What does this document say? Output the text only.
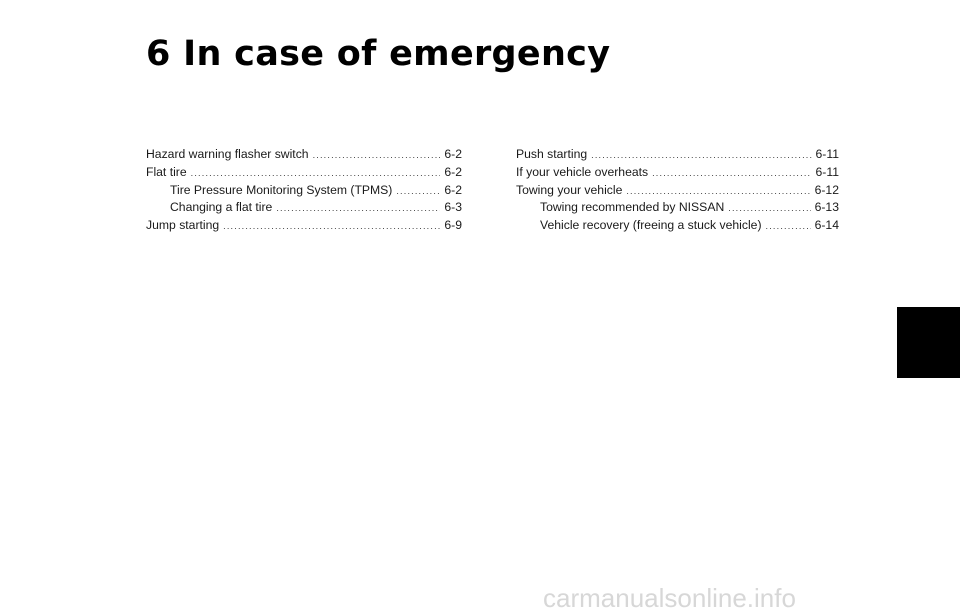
6 In case of emergency
Hazard warning flasher switch .....	6-2
Flat tire .....	6-2
Tire Pressure Monitoring System (TPMS) .....	6-2
Changing a flat tire .....	6-3
Jump starting .....	6-9
Push starting .....	6-11
If your vehicle overheats .....	6-11
Towing your vehicle .....	6-12
Towing recommended by NISSAN .....	6-13
Vehicle recovery (freeing a stuck vehicle) .....	6-14
carmanualsonline.info
